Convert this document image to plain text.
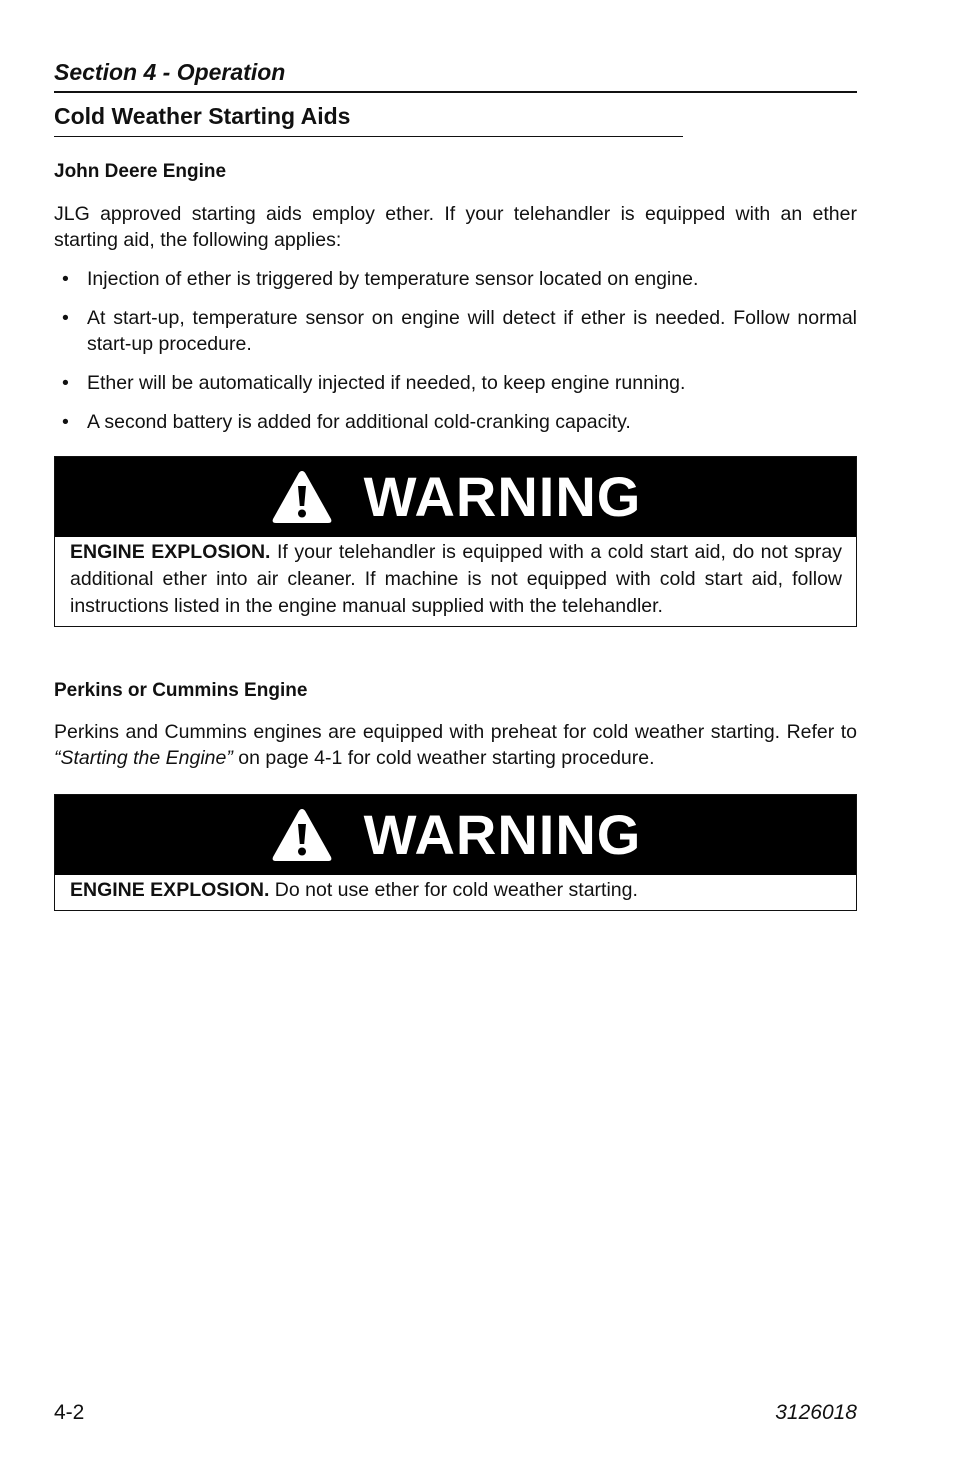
Section 4 - Operation
Cold Weather Starting Aids
John Deere Engine

JLG approved starting aids employ ether. If your telehandler is equipped with an ether starting aid, the following applies:

• Injection of ether is triggered by temperature sensor located on engine.
• At start-up, temperature sensor on engine will detect if ether is needed. Follow normal start-up procedure.
• Ether will be automatically injected if needed, to keep engine running.
• A second battery is added for additional cold-cranking capacity.
WARNING
ENGINE EXPLOSION. If your telehandler is equipped with a cold start aid, do not spray additional ether into air cleaner. If machine is not equipped with cold start aid, follow instructions listed in the engine manual supplied with the telehandler.
Perkins or Cummins Engine

Perkins and Cummins engines are equipped with preheat for cold weather starting. Refer to “Starting the Engine” on page 4-1 for cold weather starting procedure.

WARNING
ENGINE EXPLOSION. Do not use ether for cold weather starting.
4-2	3126018
